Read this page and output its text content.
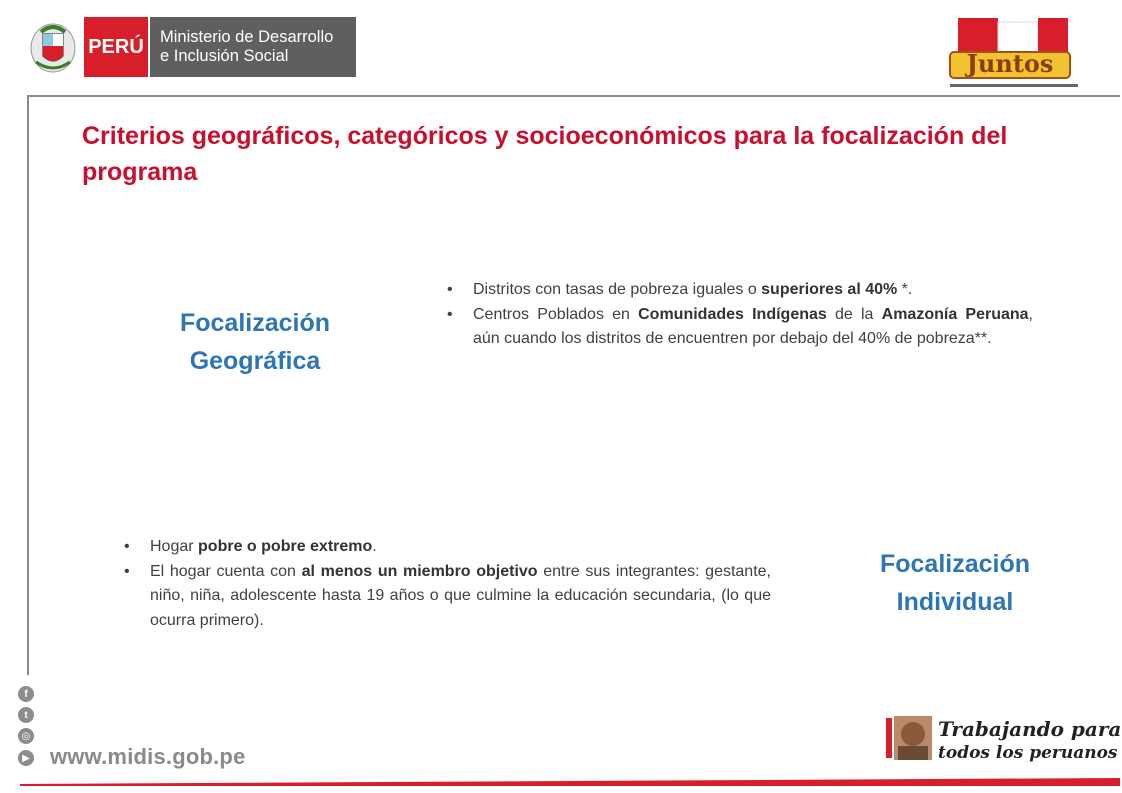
PERÚ Ministerio de Desarrollo
e Inclusión Social	Juntos
Criterios geográficos, categóricos y socioeconómicos para la focalización del programa
Focalización
Geográfica
• Distritos con tasas de pobreza iguales o superiores al 40% *.
• Centros Poblados en Comunidades Indígenas de la Amazonía Peruana, aún cuando los distritos de encuentren por debajo del 40% de pobreza**.
• Hogar pobre o pobre extremo.
• El hogar cuenta con al menos un miembro objetivo entre sus integrantes: gestante, niño, niña, adolescente hasta 19 años o que culmine la educación secundaria, (lo que ocurra primero).
Focalización
Individual
f
t
◎
▶ www.midis.gob.pe
Trabajando para
todos los peruanos
